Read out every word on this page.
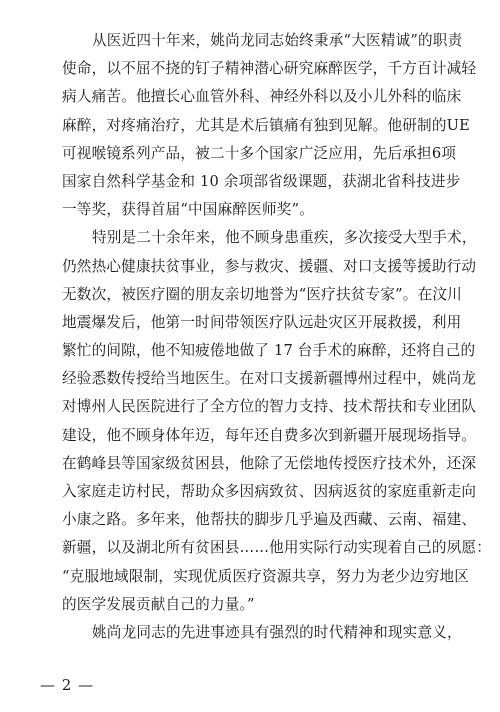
从医近四十年来，姚尚龙同志始终秉承“大医精诚”的职责
使命，以不屈不挠的钉子精神潜心研究麻醉医学，千方百计减轻
病人痛苦。他擅长心血管外科、神经外科以及小儿外科的临床
麻醉，对疼痛治疗，尤其是术后镇痛有独到见解。他研制的UE
可视喉镜系列产品，被二十多个国家广泛应用，先后承担6项
国家自然科学基金和 10 余项部省级课题，获湖北省科技进步
一等奖，获得首届“中国麻醉医师奖”。
特别是二十余年来，他不顾身患重疾，多次接受大型手术，
仍然热心健康扶贫事业，参与救灾、援疆、对口支援等援助行动
无数次，被医疗圈的朋友亲切地誉为“医疗扶贫专家”。在汶川
地震爆发后，他第一时间带领医疗队远赴灾区开展救援，利用
繁忙的间隙，他不知疲倦地做了 17 台手术的麻醉，还将自己的
经验悉数传授给当地医生。在对口支援新疆博州过程中，姚尚龙
对博州人民医院进行了全方位的智力支持、技术帮扶和专业团队
建设，他不顾身体年迈，每年还自费多次到新疆开展现场指导。
在鹤峰县等国家级贫困县，他除了无偿地传授医疗技术外，还深
入家庭走访村民，帮助众多因病致贫、因病返贫的家庭重新走向
小康之路。多年来，他帮扶的脚步几乎遍及西藏、云南、福建、
新疆，以及湖北所有贫困县……他用实际行动实现着自己的夙愿：
“克服地域限制，实现优质医疗资源共享，努力为老少边穷地区
的医学发展贡献自己的力量。”
姚尚龙同志的先进事迹具有强烈的时代精神和现实意义，
— 2 —
